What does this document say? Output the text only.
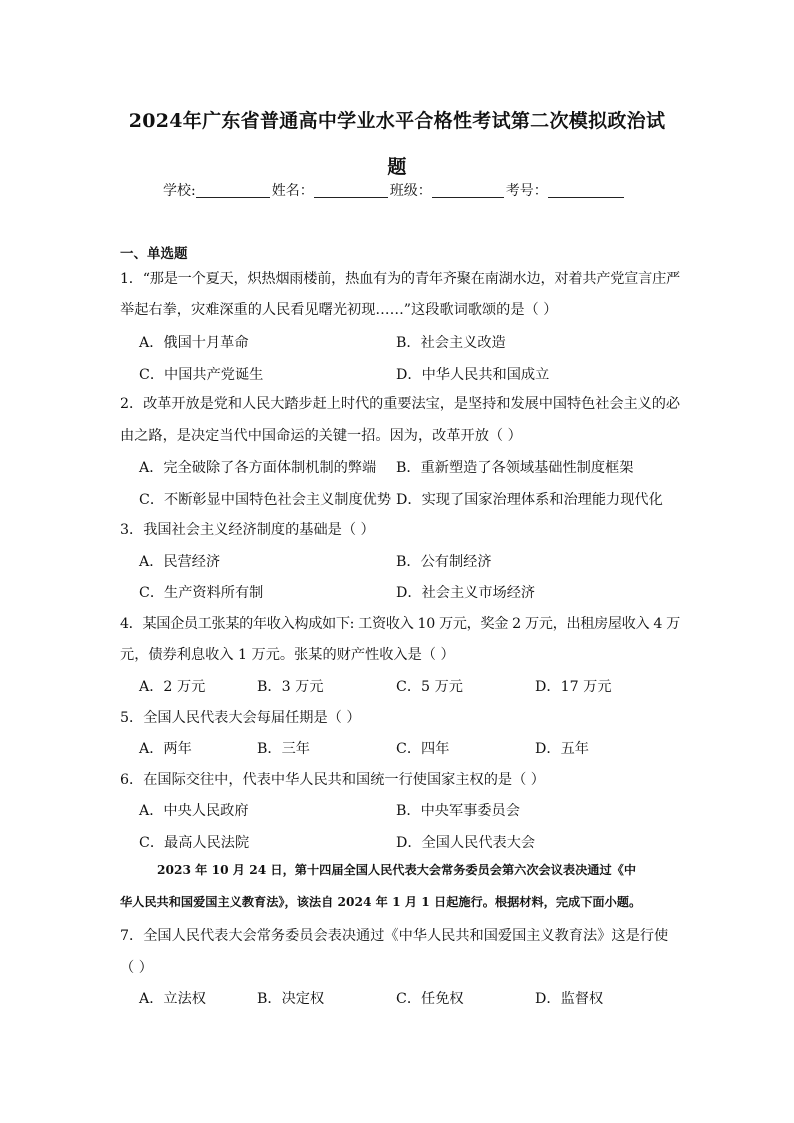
2024年广东省普通高中学业水平合格性考试第二次模拟政治试
题
学校:	姓名：	班级：	考号：
一、单选题
1．“那是一个夏天，炽热烟雨楼前，热血有为的青年齐聚在南湖水边，对着共产党宣言庄严
举起右拳，灾难深重的人民看见曙光初现……”这段歌词歌颂的是（ ）
A．俄国十月革命	B．社会主义改造
C．中国共产党诞生	D．中华人民共和国成立
2．改革开放是党和人民大踏步赶上时代的重要法宝，是坚持和发展中国特色社会主义的必
由之路，是决定当代中国命运的关键一招。因为，改革开放（ ）
A．完全破除了各方面体制机制的弊端 B．重新塑造了各领域基础性制度框架
C．不断彰显中国特色社会主义制度优势 D．实现了国家治理体系和治理能力现代化
3．我国社会主义经济制度的基础是（ ）
A．民营经济	B．公有制经济
C．生产资料所有制	D．社会主义市场经济
4．某国企员工张某的年收入构成如下: 工资收入 10 万元，奖金 2 万元，出租房屋收入 4 万
元，债券利息收入 1 万元。张某的财产性收入是（ ）
A．2 万元	B．3 万元	C．5 万元	D．17 万元
5．全国人民代表大会每届任期是（ ）
A．两年	B．三年	C．四年	D．五年
6．在国际交往中，代表中华人民共和国统一行使国家主权的是（ ）
A．中央人民政府	B．中央军事委员会
C．最高人民法院	D．全国人民代表大会
2023 年 10 月 24 日，第十四届全国人民代表大会常务委员会第六次会议表决通过《中
华人民共和国爱国主义教育法》，该法自 2024 年 1 月 1 日起施行。根据材料，完成下面小题。
7．全国人民代表大会常务委员会表决通过《中华人民共和国爱国主义教育法》这是行使
（ ）
A．立法权	B．决定权	C．任免权	D．监督权
